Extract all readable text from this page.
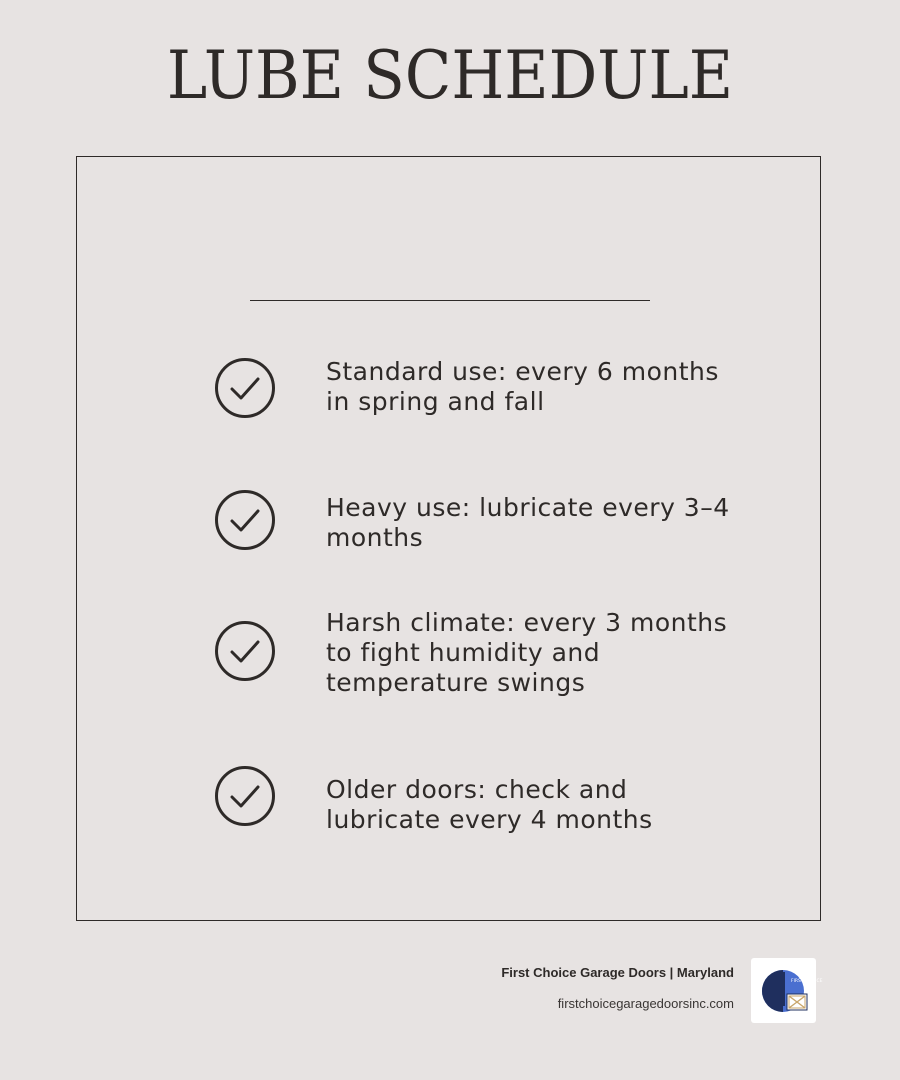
LUBE SCHEDULE
Standard use: every 6 months in spring and fall
Heavy use: lubricate every 3–4 months
Harsh climate: every 3 months to fight humidity and temperature swings
Older doors: check and lubricate every 4 months
First Choice Garage Doors | Maryland
firstchoicegaragedoorsinc.com
FIRST CHOICE
